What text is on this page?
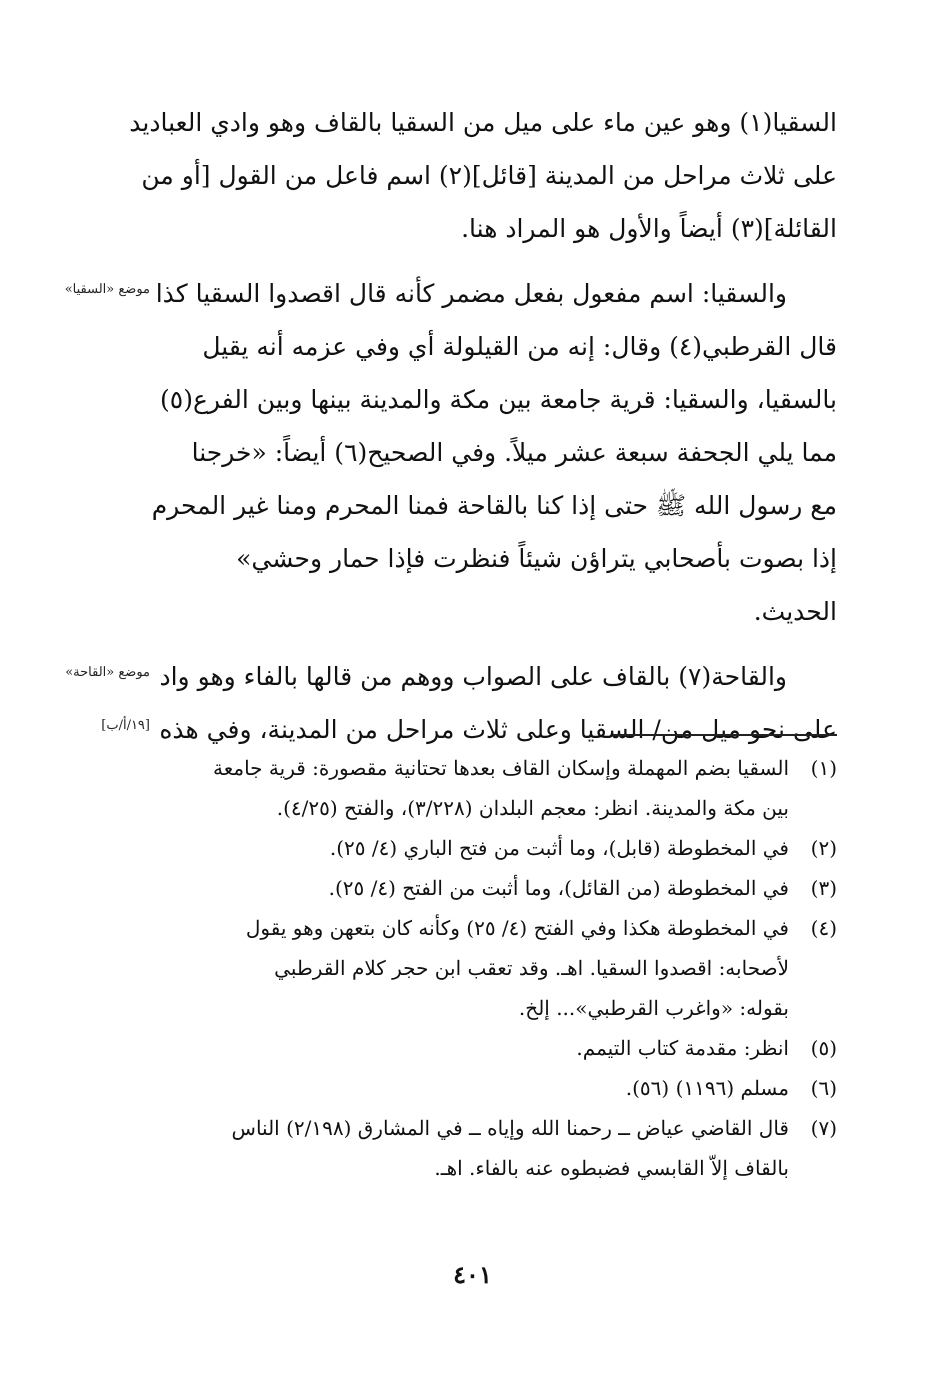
السقيا(١) وهو عين ماء على ميل من السقيا بالقاف وهو وادي العباديد
على ثلاث مراحل من المدينة [قائل](٢) اسم فاعل من القول [أو من
القائلة](٣) أيضاً والأول هو المراد هنا.

موضع «السقيا» والسقيا: اسم مفعول بفعل مضمر كأنه قال اقصدوا السقيا كذا
قال القرطبي(٤) وقال: إنه من القيلولة أي وفي عزمه أنه يقيل
بالسقيا، والسقيا: قرية جامعة بين مكة والمدينة بينها وبين الفرع(٥)
مما يلي الجحفة سبعة عشر ميلاً. وفي الصحيح(٦) أيضاً: «خرجنا
مع رسول الله ﷺ حتى إذا كنا بالقاحة فمنا المحرم ومنا غير المحرم
إذا بصوت بأصحابي يتراؤن شيئاً فنظرت فإذا حمار وحشي»
الحديث.

موضع «القاحة»
[١٩/أ/ب]
والقاحة(٧) بالقاف على الصواب ووهم من قالها بالفاء وهو واد
على نحو ميل من/ السقيا وعلى ثلاث مراحل من المدينة، وفي هذه

(١)
السقيا بضم المهملة وإسكان القاف بعدها تحتانية مقصورة: قرية جامعة
بين مكة والمدينة. انظر: معجم البلدان (٣/٢٢٨)، والفتح (٤/٢٥).
(٢)
في المخطوطة (قابل)، وما أثبت من فتح الباري (٤/ ٢٥).
(٣)
في المخطوطة (من القائل)، وما أثبت من الفتح (٤/ ٢٥).
(٤)
في المخطوطة هكذا وفي الفتح (٤/ ٢٥) وكأنه كان بتعهن وهو يقول
لأصحابه: اقصدوا السقيا. اهـ. وقد تعقب ابن حجر كلام القرطبي
بقوله: «واغرب القرطبي»... إلخ.
(٥)
انظر: مقدمة كتاب التيمم.
(٦)
مسلم (١١٩٦) (٥٦).
(٧)
قال القاضي عياض ــ رحمنا الله وإياه ــ في المشارق (٢/١٩٨) الناس
بالقاف إلاّ القابسي فضبطوه عنه بالفاء. اهـ.
٤٠١
